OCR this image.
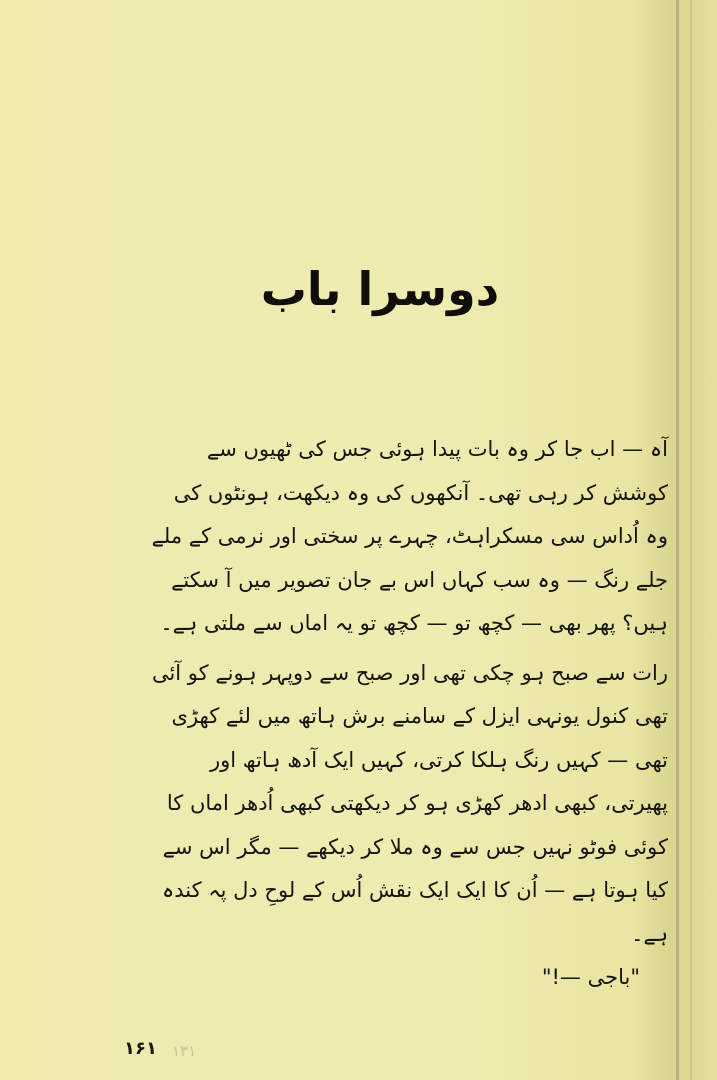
دوسرا باب

آہ — اب جا کر وہ بات پیدا ہوئی جس کی ٹھیوں سے کوشش کر رہی تھی۔ آنکھوں کی وہ دیکھت، ہونٹوں کی وہ اُداس سی مسکراہٹ، چہرے پر سختی اور نرمی کے ملے جلے رنگ — وہ سب کہاں اس بے جان تصویر میں آ سکتے ہیں؟ پھر بھی — کچھ تو — کچھ تو یہ اماں سے ملتی ہے۔

رات سے صبح ہو چکی تھی اور صبح سے دوپہر ہونے کو آئی تھی کنول یونہی ایزل کے سامنے برش ہاتھ میں لئے کھڑی تھی — کہیں رنگ ہلکا کرتی، کہیں ایک آدھ ہاتھ اور پھیرتی، کبھی ادھر کھڑی ہو کر دیکھتی کبھی اُدھر اماں کا کوئی فوٹو نہیں جس سے وہ ملا کر دیکھے — مگر اس سے کیا ہوتا ہے — اُن کا ایک ایک نقش اُس کے لوحِ دل پہ کندہ ہے۔

"باجی —!"

۱۶۱ ۱۳۱
